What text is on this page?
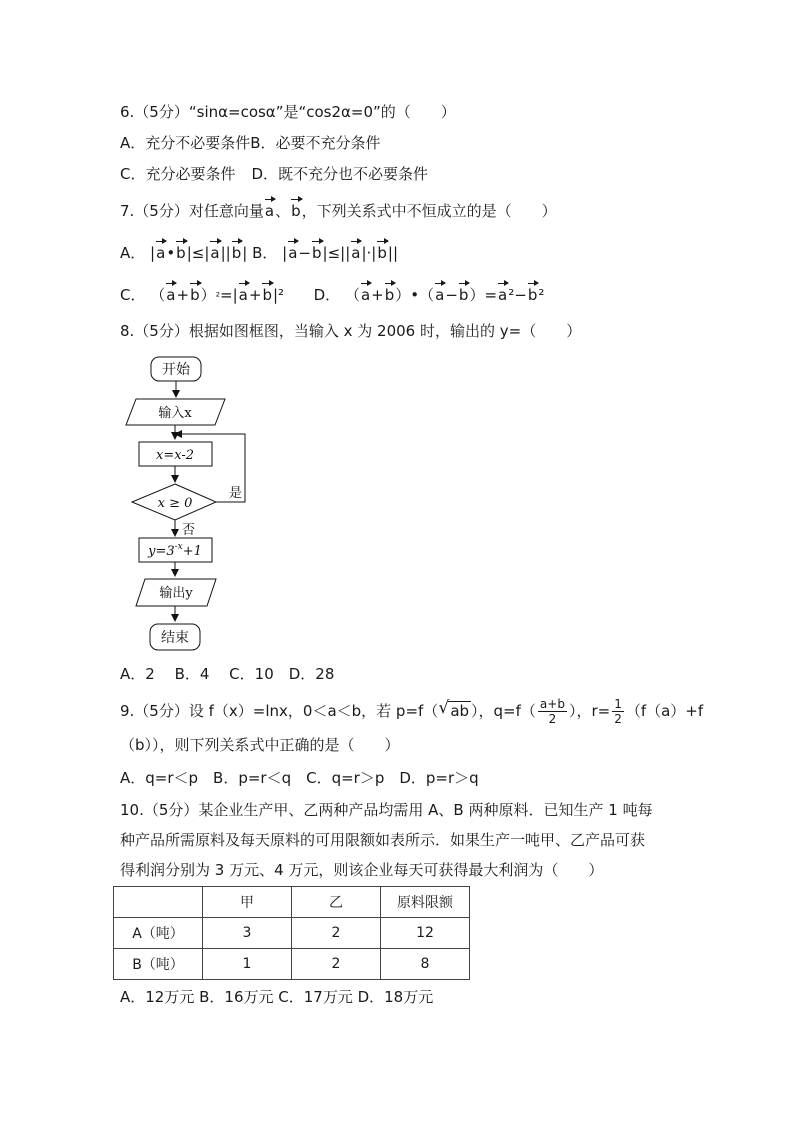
6.（5分）“sinα=cosα”是“cos2α=0”的（　　）
A．充分不必要条件B．必要不充分条件
C．充分必要条件 D．既不充分也不必要条件
7.（5分）对任意向量a、b，下列关系式中不恒成立的是（　　）
A． |a•b|≤|a||b| B． |a−b|≤||a|·|b||
C． （a+b）²=|a+b|² D． （a+b）•（a−b）=a²−b²
8.（5分）根据如图框图，当输入 x 为 2006 时，输出的 y=（　　）
开始
输入x
x=x-2
x ≥ 0
是
否
$y=3^{-x}+1$
输出y
结束
A．2　 B．4　 C．10　D．28
9.（5分）设 f（x）=lnx，0＜a＜b，若 p=f（ √ ab ），$q=f( \frac{a+b}{2}$ ），$r= \frac{1}{2} (f(a)+f$
（b）），则下列关系式中正确的是（　　）
A．q=r＜p　B．p=r＜q　C．q=r＞p　D．p=r＞q
10.（5分）某企业生产甲、乙两种产品均需用 A、B 两种原料．已知生产 1 吨每
种产品所需原料及每天原料的可用限额如表所示．如果生产一吨甲、乙产品可获
得利润分别为 3 万元、4 万元，则该企业每天可获得最大利润为（　　）
	甲	乙	原料限额
A（吨）	3	2	12
B（吨）	1	2	8
A．12万元 B．16万元 C．17万元 D．18万元
